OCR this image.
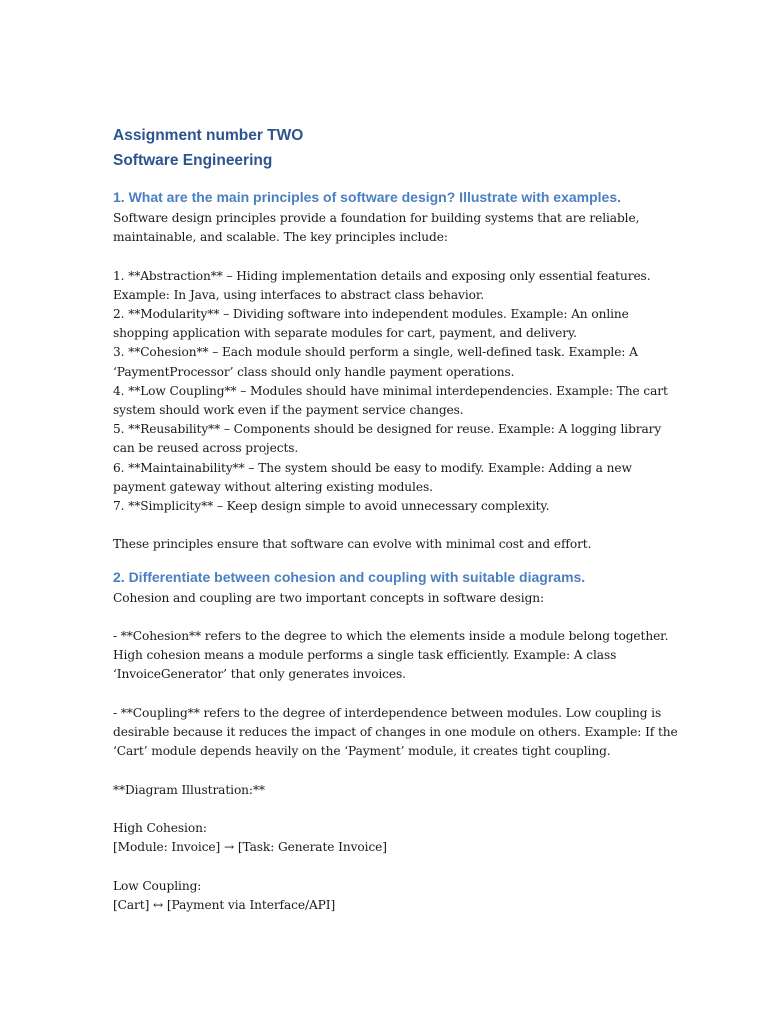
Assignment number TWO

Software Engineering

1. What are the main principles of software design? Illustrate with examples.

Software design principles provide a foundation for building systems that are reliable,

maintainable, and scalable. The key principles include:

1. **Abstraction** – Hiding implementation details and exposing only essential features.

Example: In Java, using interfaces to abstract class behavior.

2. **Modularity** – Dividing software into independent modules. Example: An online

shopping application with separate modules for cart, payment, and delivery.

3. **Cohesion** – Each module should perform a single, well-defined task. Example: A

‘PaymentProcessor’ class should only handle payment operations.

4. **Low Coupling** – Modules should have minimal interdependencies. Example: The cart

system should work even if the payment service changes.

5. **Reusability** – Components should be designed for reuse. Example: A logging library

can be reused across projects.

6. **Maintainability** – The system should be easy to modify. Example: Adding a new

payment gateway without altering existing modules.

7. **Simplicity** – Keep design simple to avoid unnecessary complexity.

These principles ensure that software can evolve with minimal cost and effort.

2. Differentiate between cohesion and coupling with suitable diagrams.

Cohesion and coupling are two important concepts in software design:

- **Cohesion** refers to the degree to which the elements inside a module belong together.

High cohesion means a module performs a single task efficiently. Example: A class

‘InvoiceGenerator’ that only generates invoices.

- **Coupling** refers to the degree of interdependence between modules. Low coupling is

desirable because it reduces the impact of changes in one module on others. Example: If the

‘Cart’ module depends heavily on the ‘Payment’ module, it creates tight coupling.

**Diagram Illustration:**

High Cohesion:

[Module: Invoice] → [Task: Generate Invoice]

Low Coupling:

[Cart] ↔ [Payment via Interface/API]
